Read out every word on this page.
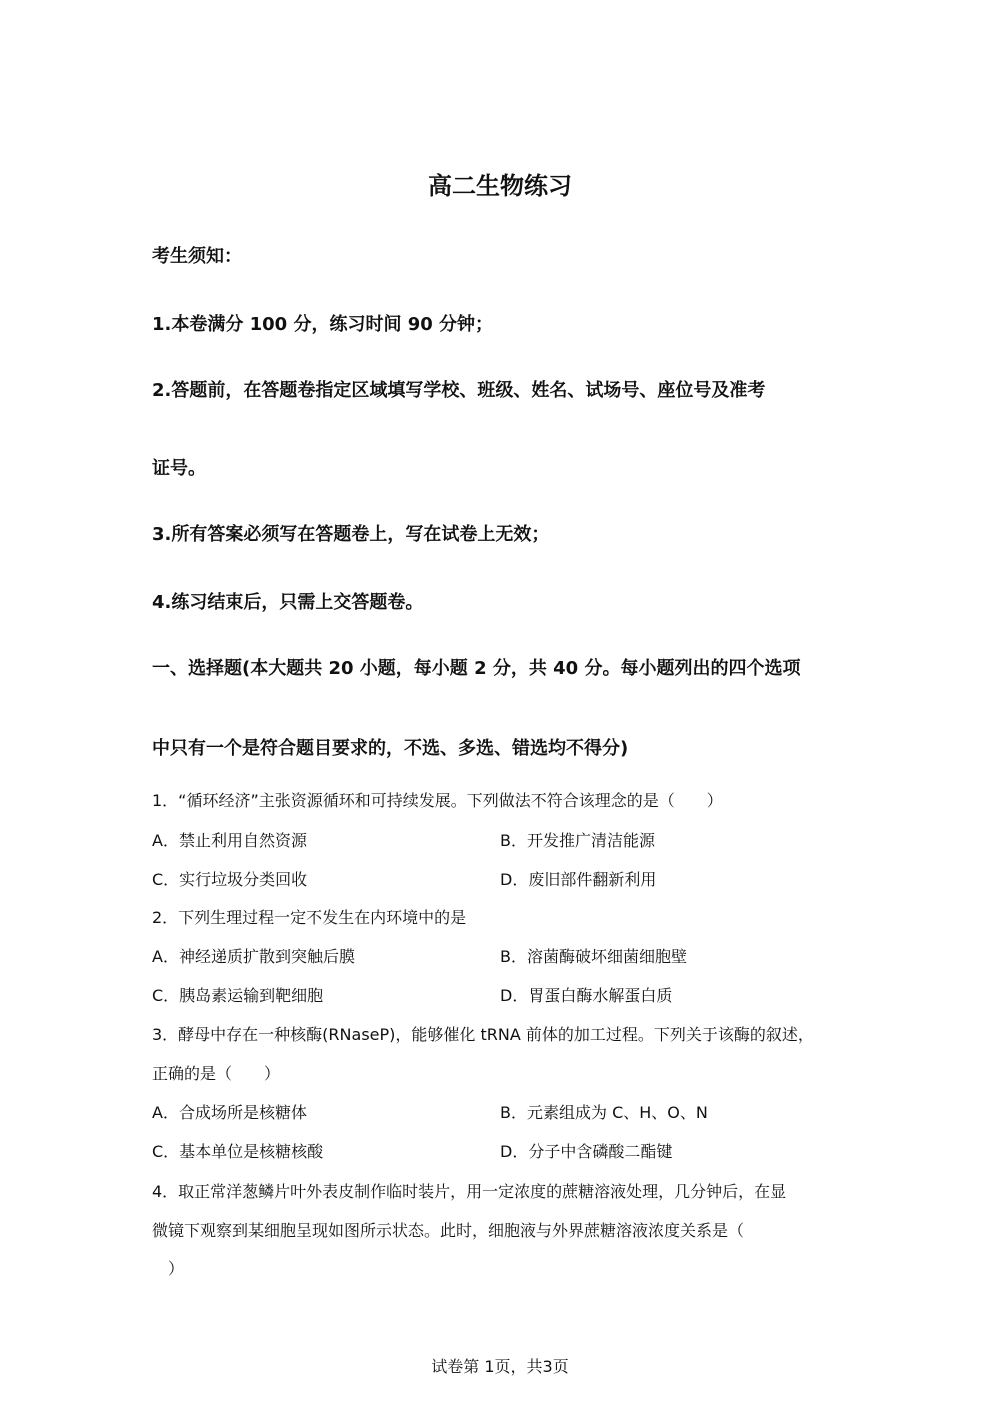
高二生物练习
考生须知：
1.本卷满分 100 分，练习时间 90 分钟；
2.答题前，在答题卷指定区域填写学校、班级、姓名、试场号、座位号及准考
证号。
3.所有答案必须写在答题卷上，写在试卷上无效；
4.练习结束后，只需上交答题卷。
一、选择题(本大题共 20 小题，每小题 2 分，共 40 分。每小题列出的四个选项
中只有一个是符合题目要求的，不选、多选、错选均不得分)
1．“循环经济”主张资源循环和可持续发展。下列做法不符合该理念的是（　　）
A．禁止利用自然资源	B．开发推广清洁能源
C．实行垃圾分类回收	D．废旧部件翻新利用
2．下列生理过程一定不发生在内环境中的是
A．神经递质扩散到突触后膜	B．溶菌酶破坏细菌细胞壁
C．胰岛素运输到靶细胞	D．胃蛋白酶水解蛋白质
3．酵母中存在一种核酶(RNaseP)，能够催化 tRNA 前体的加工过程。下列关于该酶的叙述，
正确的是（　　）
A．合成场所是核糖体	B．元素组成为 C、H、O、N
C．基本单位是核糖核酸	D．分子中含磷酸二酯键
4．取正常洋葱鳞片叶外表皮制作临时装片，用一定浓度的蔗糖溶液处理，几分钟后，在显
微镜下观察到某细胞呈现如图所示状态。此时，细胞液与外界蔗糖溶液浓度关系是（
　）
试卷第 1页，共3页
